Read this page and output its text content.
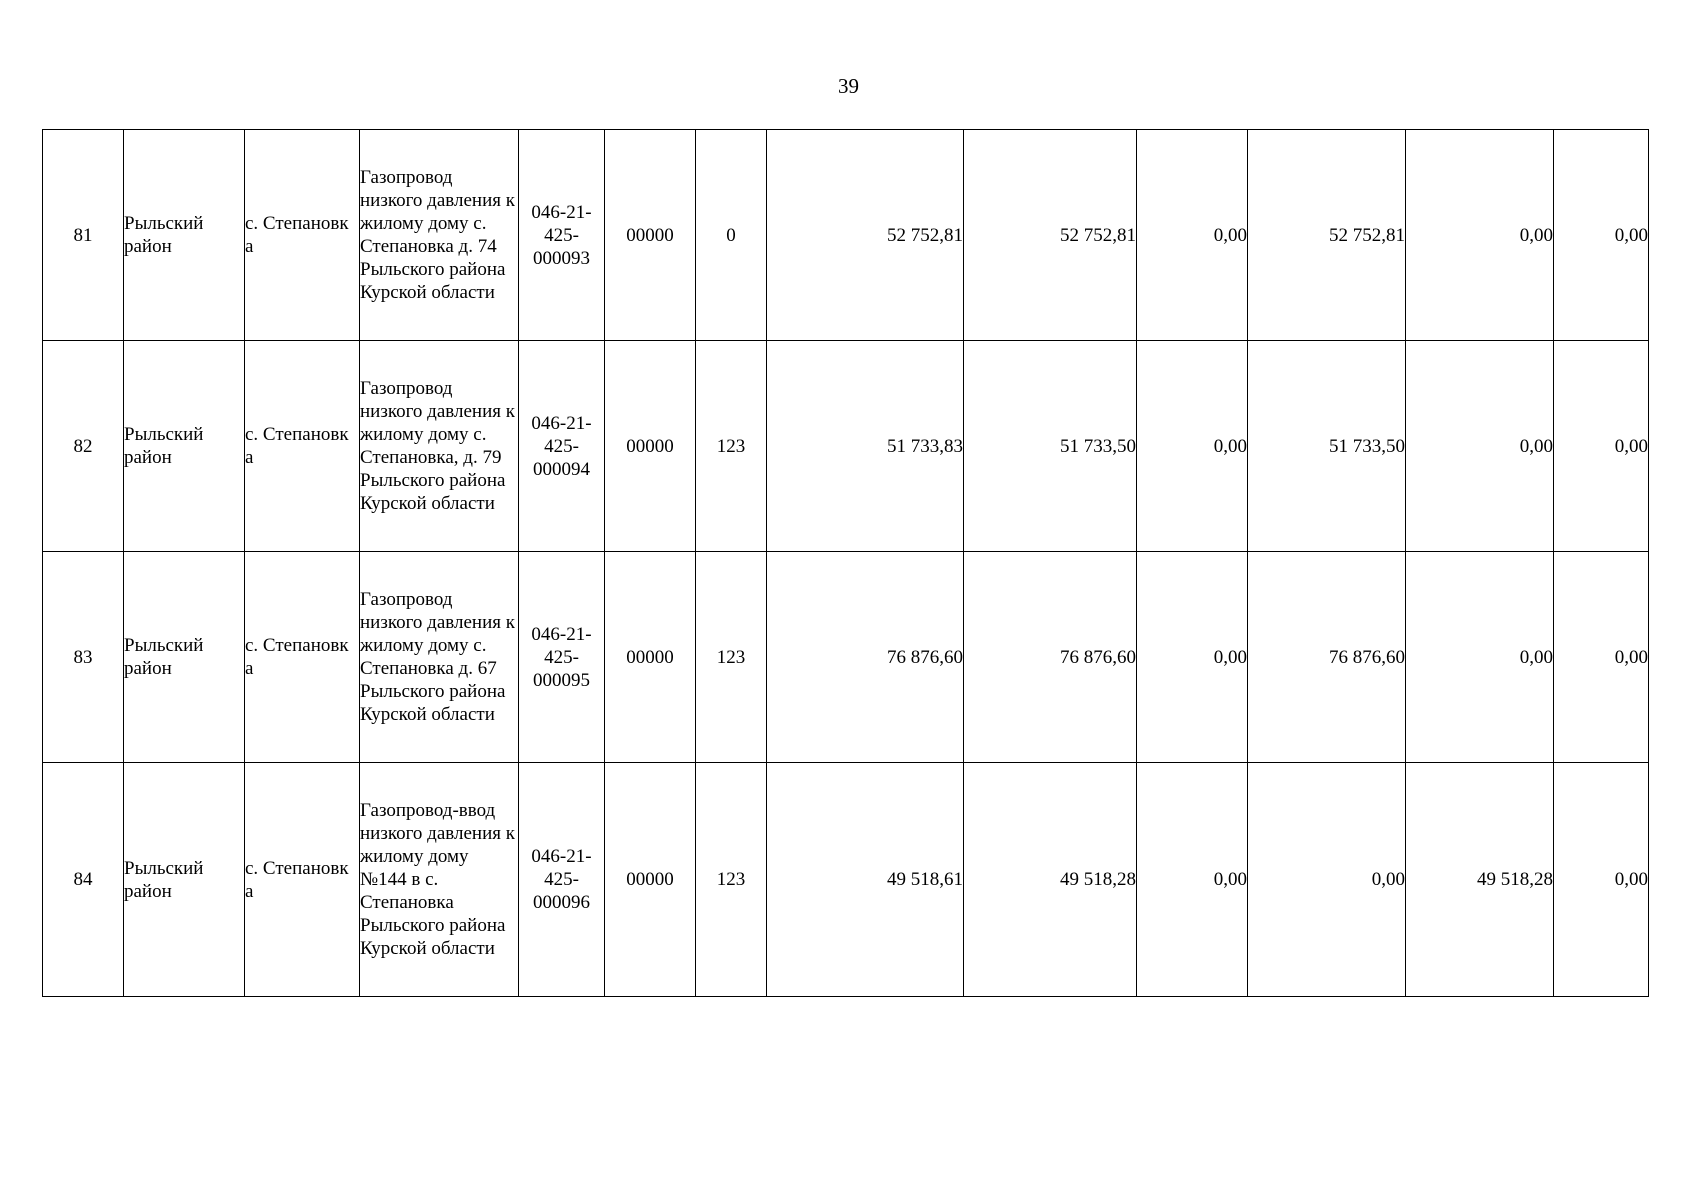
39
81	Рыльский район	с. Степановк а	Газопровод низкого давления к жилому дому с. Степановка д. 74 Рыльского района Курской области	046-21-425-000093	00000	0	52 752,81	52 752,81	0,00	52 752,81	0,00	0,00
82	Рыльский район	с. Степановк а	Газопровод низкого давления к жилому дому с. Степановка, д. 79 Рыльского района Курской области	046-21-425-000094	00000	123	51 733,83	51 733,50	0,00	51 733,50	0,00	0,00
83	Рыльский район	с. Степановк а	Газопровод низкого давления к жилому дому с. Степановка д. 67 Рыльского района Курской области	046-21-425-000095	00000	123	76 876,60	76 876,60	0,00	76 876,60	0,00	0,00
84	Рыльский район	с. Степановк а	Газопровод-ввод низкого давления к жилому дому №144 в с. Степановка Рыльского района Курской области	046-21-425-000096	00000	123	49 518,61	49 518,28	0,00	0,00	49 518,28	0,00
